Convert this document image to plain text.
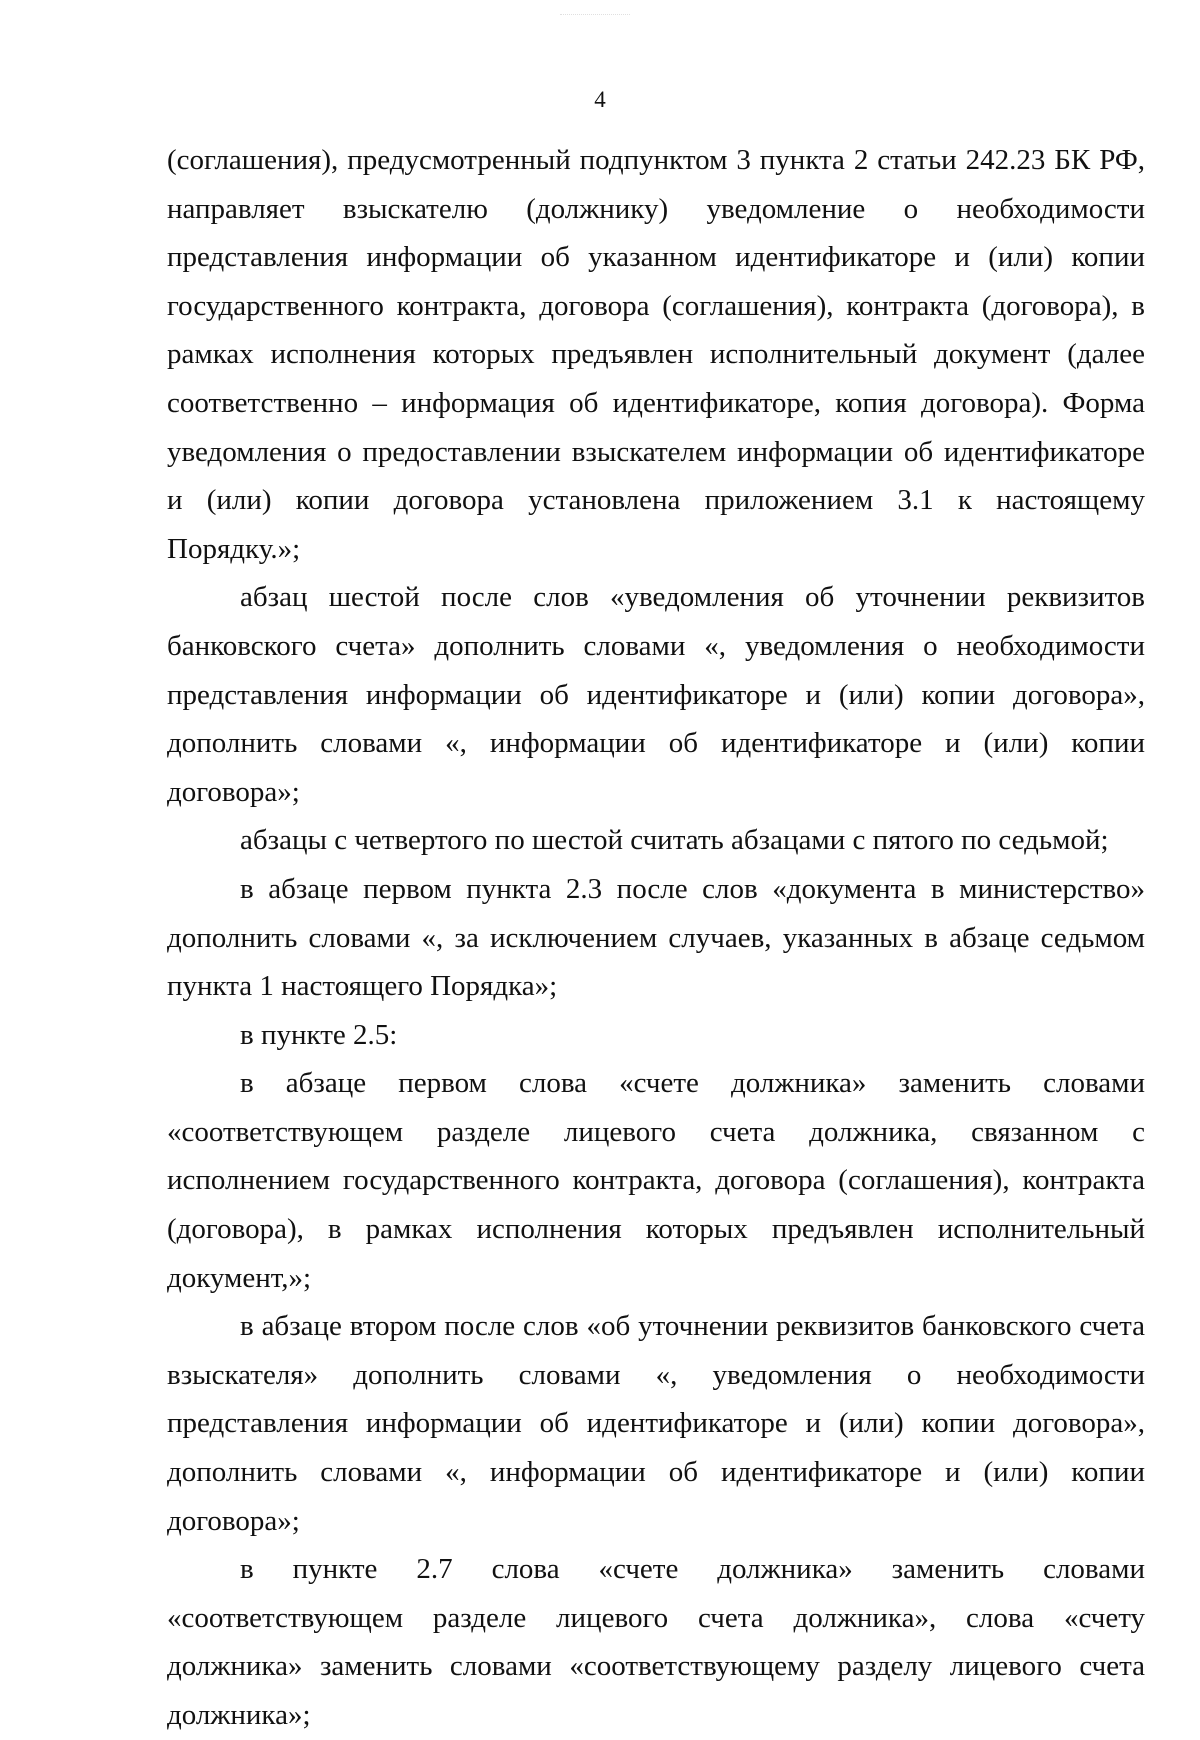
4

(соглашения), предусмотренный подпунктом 3 пункта 2 статьи 242.23 БК РФ, направляет взыскателю (должнику) уведомление о необходимости представления информации об указанном идентификаторе и (или) копии государственного контракта, договора (соглашения), контракта (договора), в рамках исполнения которых предъявлен исполнительный документ (далее соответственно – информация об идентификаторе, копия договора). Форма уведомления о предоставлении взыскателем информации об идентификаторе и (или) копии договора установлена приложением 3.1 к настоящему Порядку.»;

абзац шестой после слов «уведомления об уточнении реквизитов банковского счета» дополнить словами «, уведомления о необходимости представления информации об идентификаторе и (или) копии договора», дополнить словами «, информации об идентификаторе и (или) копии договора»;

абзацы с четвертого по шестой считать абзацами с пятого по седьмой;

в абзаце первом пункта 2.3 после слов «документа в министерство» дополнить словами «, за исключением случаев, указанных в абзаце седьмом пункта 1 настоящего Порядка»;

в пункте 2.5:

в абзаце первом слова «счете должника» заменить словами «соответствующем разделе лицевого счета должника, связанном с исполнением государственного контракта, договора (соглашения), контракта (договора), в рамках исполнения которых предъявлен исполнительный документ,»;

в абзаце втором после слов «об уточнении реквизитов банковского счета взыскателя» дополнить словами «, уведомления о необходимости представления информации об идентификаторе и (или) копии договора», дополнить словами «, информации об идентификаторе и (или) копии договора»;

в пункте 2.7 слова «счете должника» заменить словами «соответствующем разделе лицевого счета должника», слова «счету должника» заменить словами «соответствующему разделу лицевого счета должника»;
